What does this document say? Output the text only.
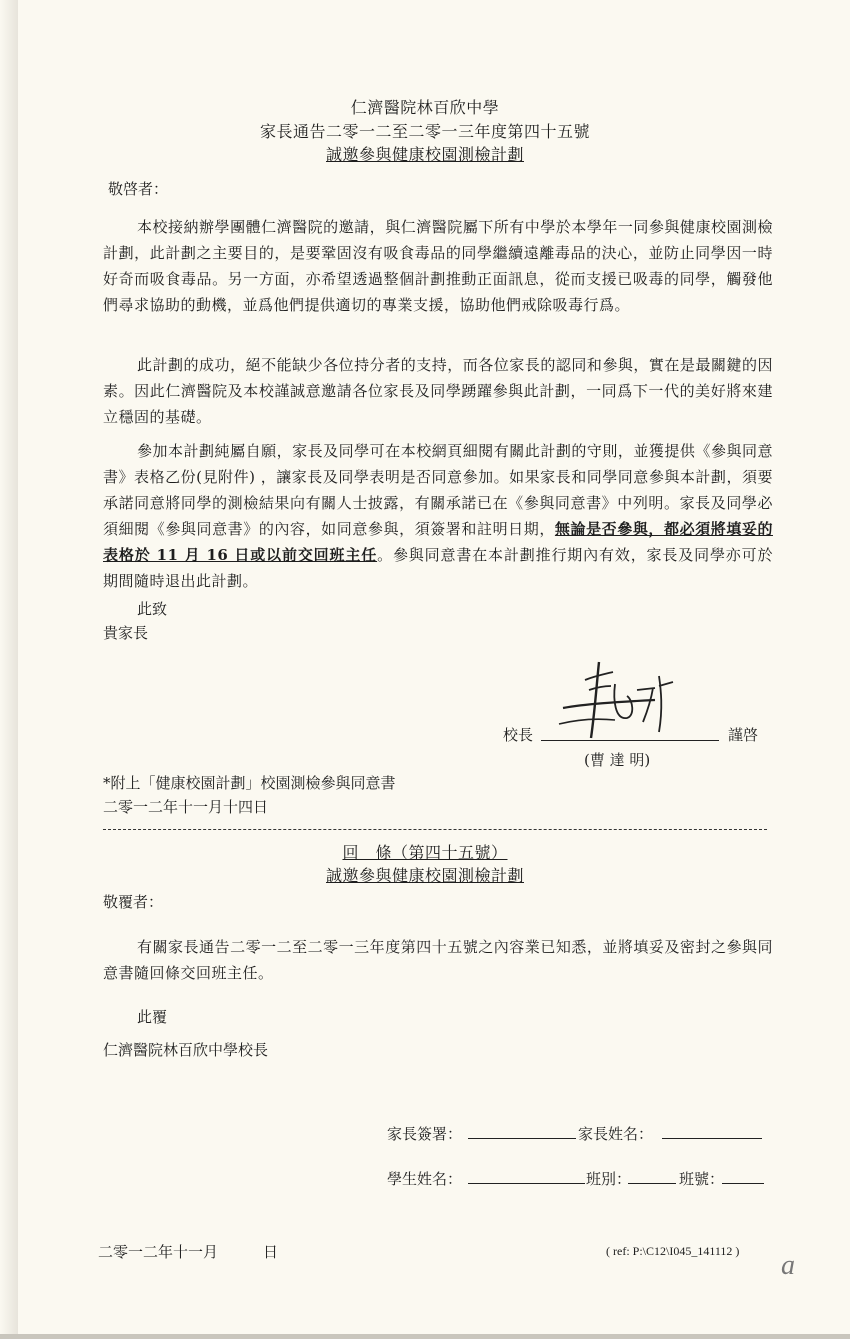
仁濟醫院林百欣中學
家長通告二零一二至二零一三年度第四十五號
誠邀參與健康校園測檢計劃
敬啓者：
本校接納辦學團體仁濟醫院的邀請，與仁濟醫院屬下所有中學於本學年一同參與健康校園測檢計劃，此計劃之主要目的，是要鞏固沒有吸食毒品的同學繼續遠離毒品的決心，並防止同學因一時好奇而吸食毒品。另一方面，亦希望透過整個計劃推動正面訊息，從而支援已吸毒的同學，觸發他們尋求協助的動機，並爲他們提供適切的專業支援，協助他們戒除吸毒行爲。
此計劃的成功，絕不能缺少各位持分者的支持，而各位家長的認同和參與，實在是最關鍵的因素。因此仁濟醫院及本校謹誠意邀請各位家長及同學踴躍參與此計劃，一同爲下一代的美好將來建立穩固的基礎。
參加本計劃純屬自願，家長及同學可在本校網頁細閱有關此計劃的守則，並獲提供《參與同意書》表格乙份(見附件) ，讓家長及同學表明是否同意參加。如果家長和同學同意參與本計劃，須要承諾同意將同學的測檢結果向有關人士披露，有關承諾已在《參與同意書》中列明。家長及同學必須細閱《參與同意書》的內容，如同意參與，須簽署和註明日期，無論是否參與，都必須將填妥的表格於 11 月 16 日或以前交回班主任。參與同意書在本計劃推行期內有效，家長及同學亦可於期間隨時退出此計劃。
此致
貴家長
校長	謹啓
(曹 達 明)
*附上「健康校園計劃」校園測檢參與同意書
二零一二年十一月十四日
回　條（第四十五號）
誠邀參與健康校園測檢計劃
敬覆者：
有關家長通告二零一二至二零一三年度第四十五號之內容業已知悉，並將填妥及密封之參與同意書隨回條交回班主任。
此覆
仁濟醫院林百欣中學校長
家長簽署：	家長姓名：
學生姓名：	班別：	班號：
二零一二年十一月　　　日	( ref: P:\C12\I045_141112 ) a
